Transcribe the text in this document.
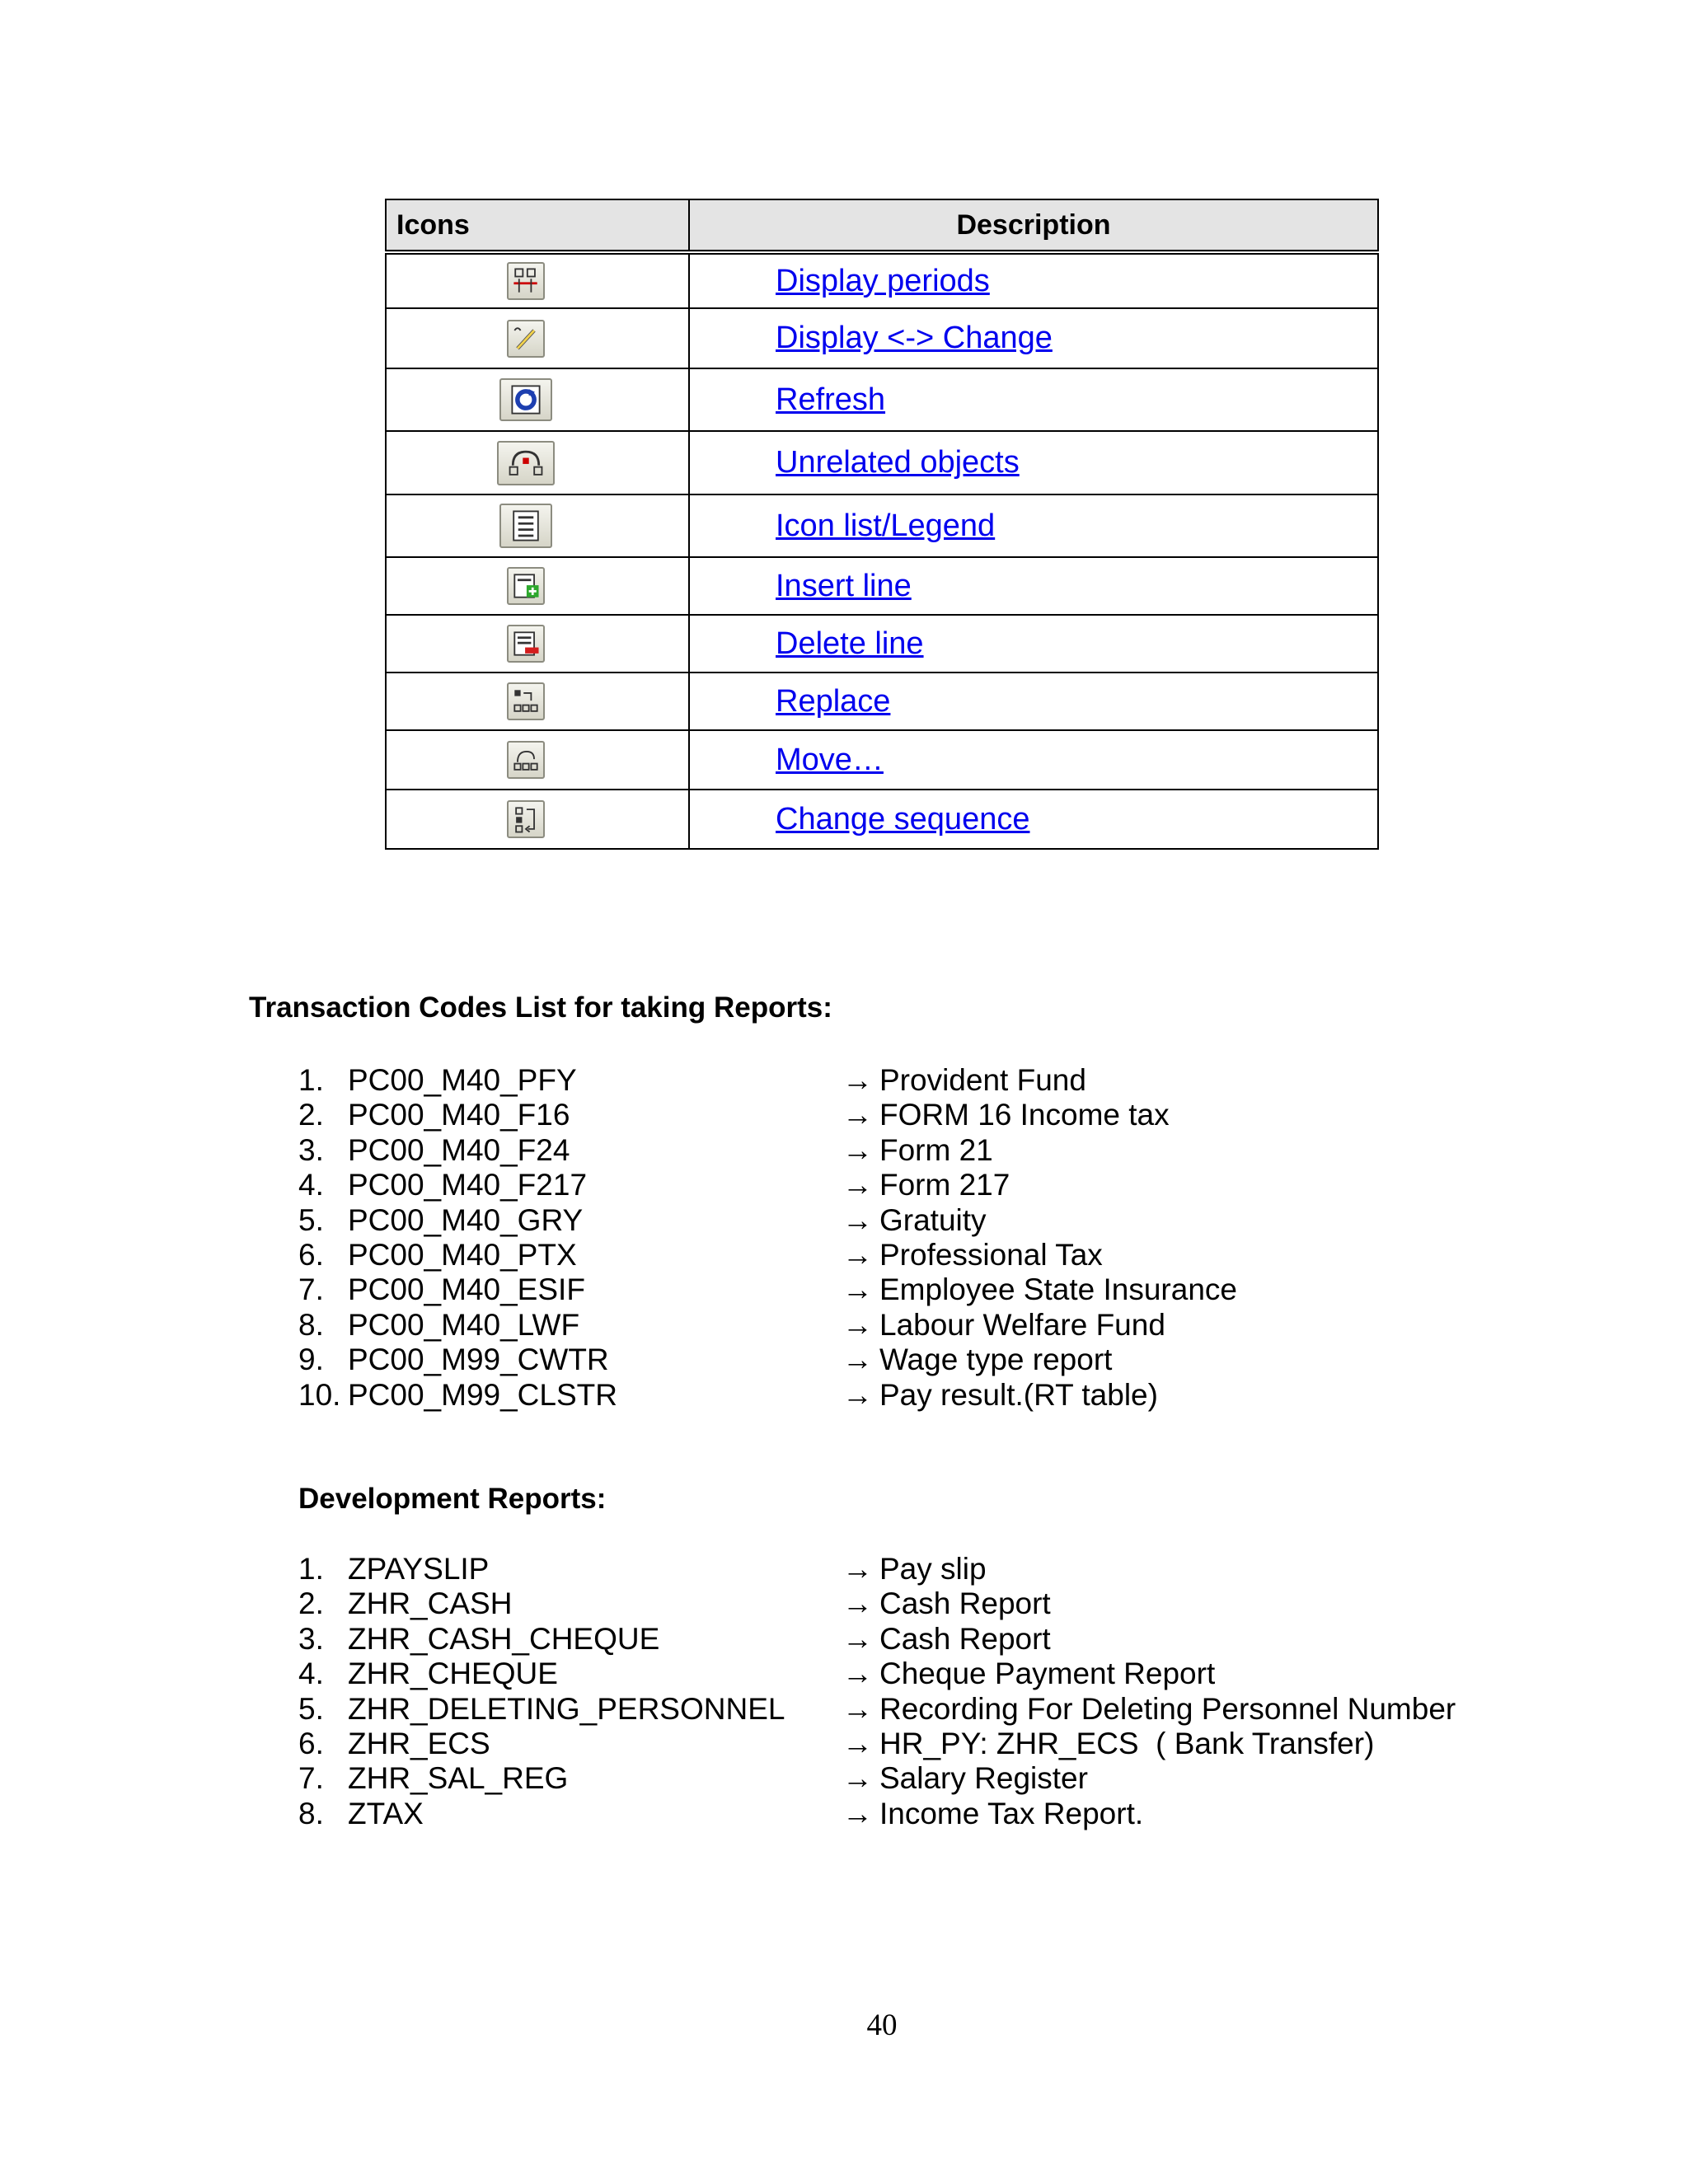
Icons	Description

	Display periods

	Display <-> Change

	Refresh

	Unrelated objects

	Icon list/Legend

	Insert line

	Delete line

	Replace

	Move…

	Change sequence
Transaction Codes List for taking Reports:
1. PC00_M40_PFY	→ Provident Fund
2. PC00_M40_F16	→ FORM 16 Income tax
3. PC00_M40_F24	→ Form 21
4. PC00_M40_F217	→ Form 217
5. PC00_M40_GRY	→ Gratuity
6. PC00_M40_PTX	→ Professional Tax
7. PC00_M40_ESIF	→ Employee State Insurance
8. PC00_M40_LWF	→ Labour Welfare Fund
9. PC00_M99_CWTR	→ Wage type report
10. PC00_M99_CLSTR	→ Pay result.(RT table)
Development Reports:
1. ZPAYSLIP	→ Pay slip
2. ZHR_CASH	→ Cash Report
3. ZHR_CASH_CHEQUE	→ Cash Report
4. ZHR_CHEQUE	→ Cheque Payment Report
5. ZHR_DELETING_PERSONNEL → Recording For Deleting Personnel Number
6. ZHR_ECS	→ HR_PY: ZHR_ECS  ( Bank Transfer)
7. ZHR_SAL_REG	→ Salary Register
8. ZTAX	→ Income Tax Report.
40
